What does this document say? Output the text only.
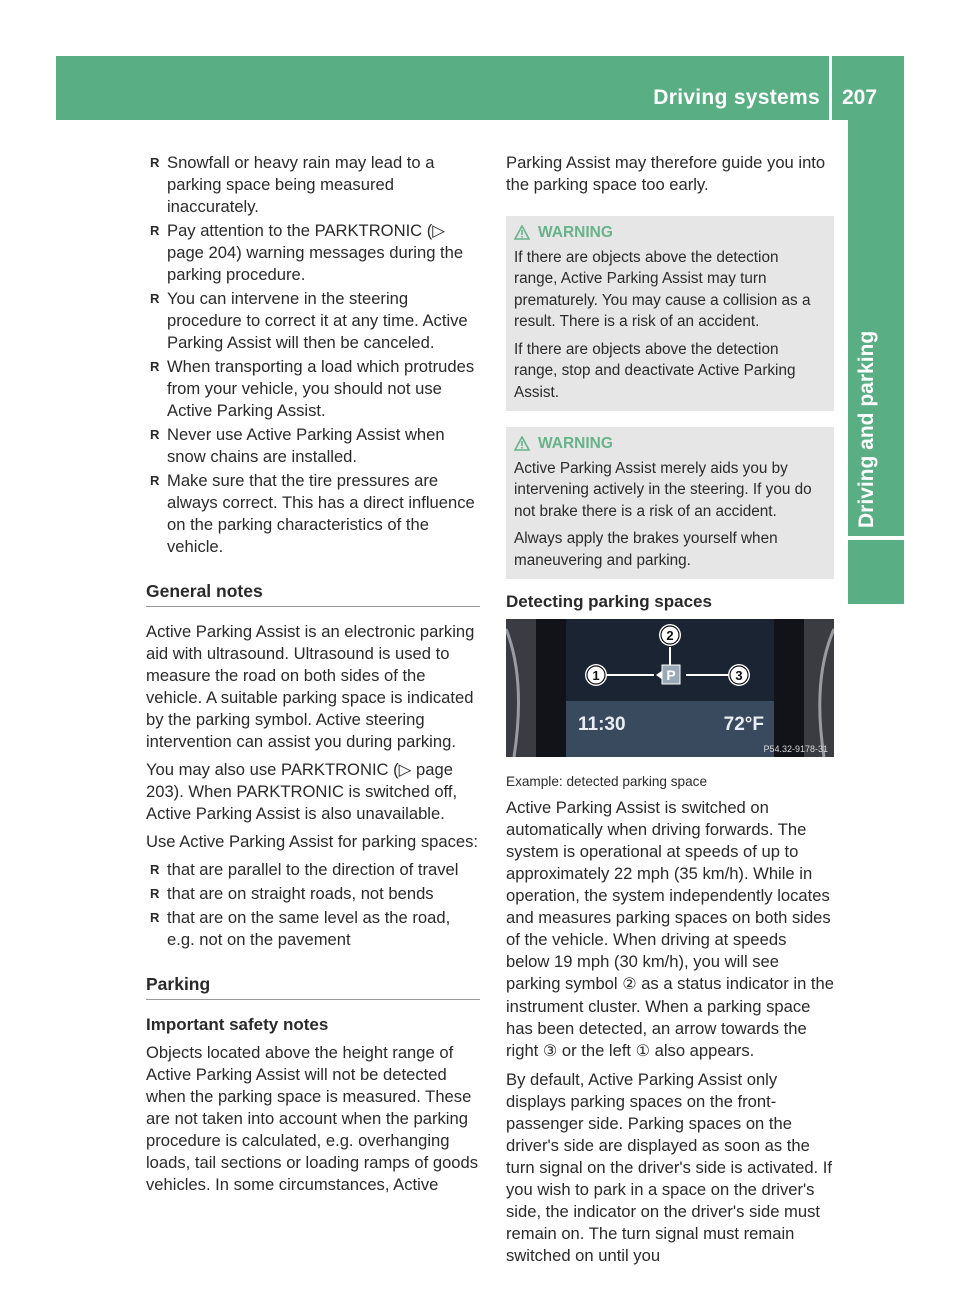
Driving systems 207
Driving and parking
R Snowfall or heavy rain may lead to a parking space being measured inaccurately.
R Pay attention to the PARKTRONIC (▷ page 204) warning messages during the parking procedure.
R You can intervene in the steering procedure to correct it at any time. Active Parking Assist will then be canceled.
R When transporting a load which protrudes from your vehicle, you should not use Active Parking Assist.
R Never use Active Parking Assist when snow chains are installed.
R Make sure that the tire pressures are always correct. This has a direct influence on the parking characteristics of the vehicle.
General notes

Active Parking Assist is an electronic parking aid with ultrasound. Ultrasound is used to measure the road on both sides of the vehicle. A suitable parking space is indicated by the parking symbol. Active steering intervention can assist you during parking.

You may also use PARKTRONIC (▷ page 203). When PARKTRONIC is switched off, Active Parking Assist is also unavailable.

Use Active Parking Assist for parking spaces:

R that are parallel to the direction of travel
R that are on straight roads, not bends
R that are on the same level as the road, e.g. not on the pavement
Parking
Important safety notes

Objects located above the height range of Active Parking Assist will not be detected when the parking space is measured. These are not taken into account when the parking procedure is calculated, e.g. overhanging loads, tail sections or loading ramps of goods vehicles. In some circumstances, Active

Parking Assist may therefore guide you into the parking space too early.

WARNING

If there are objects above the detection range, Active Parking Assist may turn prematurely. You may cause a collision as a result. There is a risk of an accident.

If there are objects above the detection range, stop and deactivate Active Parking Assist.

WARNING

Active Parking Assist merely aids you by intervening actively in the steering. If you do not brake there is a risk of an accident.

Always apply the brakes yourself when maneuvering and parking.

Detecting parking spaces
P
1
2
3
11:30	72°F
P54.32-9178-31
Example: detected parking space

Active Parking Assist is switched on automatically when driving forwards. The system is operational at speeds of up to approximately 22 mph (35 km/h). While in operation, the system independently locates and measures parking spaces on both sides of the vehicle. When driving at speeds below 19 mph (30 km/h), you will see parking symbol ② as a status indicator in the instrument cluster. When a parking space has been detected, an arrow towards the right ③ or the left ① also appears.

By default, Active Parking Assist only displays parking spaces on the front-passenger side. Parking spaces on the driver's side are displayed as soon as the turn signal on the driver's side is activated. If you wish to park in a space on the driver's side, the indicator on the driver's side must remain on. The turn signal must remain switched on until you
